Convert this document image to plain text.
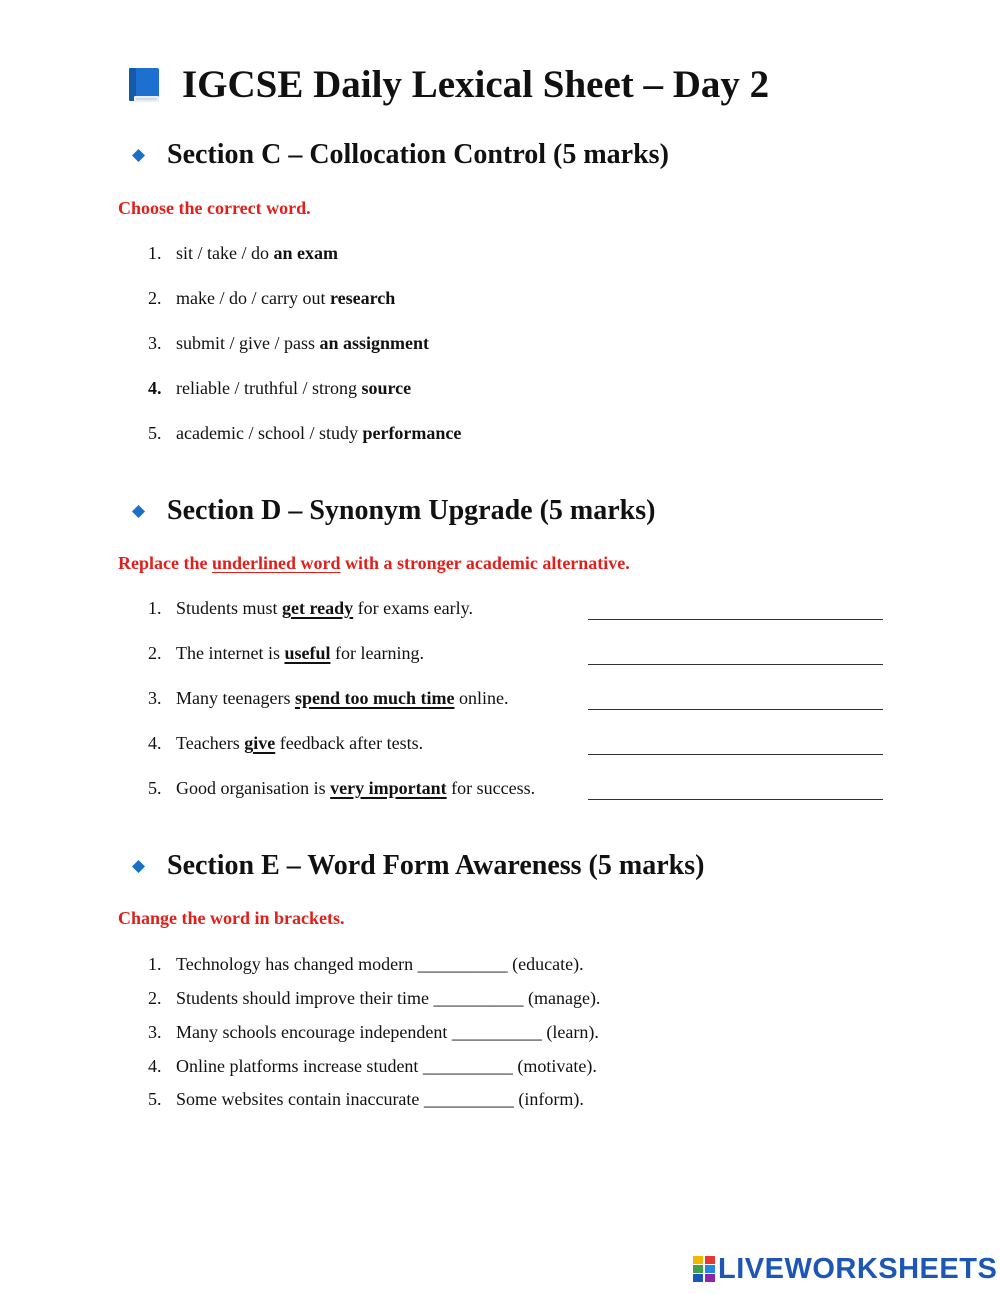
IGCSE Daily Lexical Sheet – Day 2
Section C – Collocation Control (5 marks)
Choose the correct word.
1. sit / take / do an exam
2. make / do / carry out research
3. submit / give / pass an assignment
4. reliable / truthful / strong source
5. academic / school / study performance
Section D – Synonym Upgrade (5 marks)
Replace the underlined word with a stronger academic alternative.
1. Students must get ready for exams early.
2. The internet is useful for learning.
3. Many teenagers spend too much time online.
4. Teachers give feedback after tests.
5. Good organisation is very important for success.
Section E – Word Form Awareness (5 marks)
Change the word in brackets.
1. Technology has changed modern __________ (educate).
2. Students should improve their time __________ (manage).
3. Many schools encourage independent __________ (learn).
4. Online platforms increase student __________ (motivate).
5. Some websites contain inaccurate __________ (inform).
LIVEWORKSHEETS
